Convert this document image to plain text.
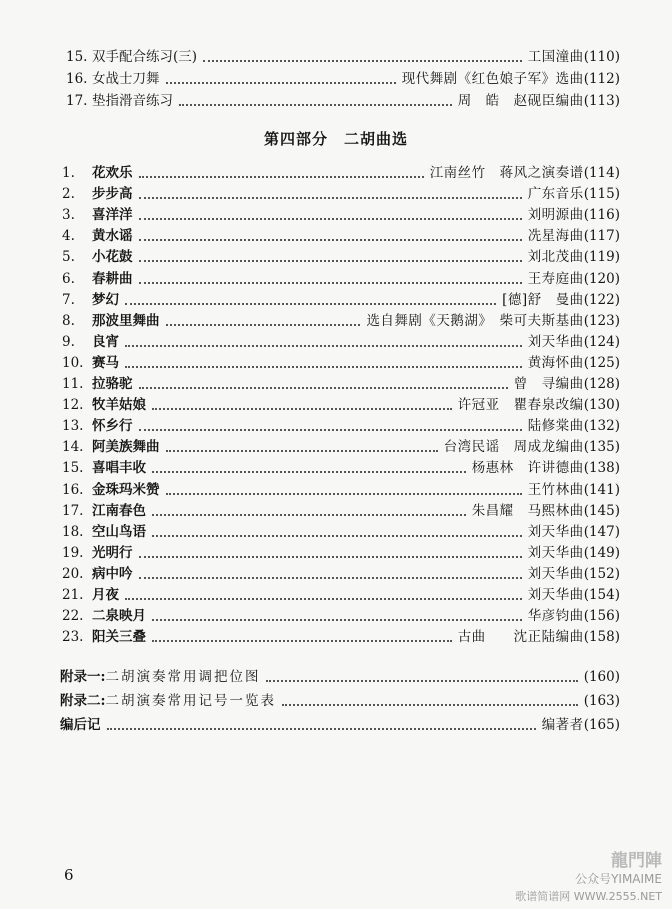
15. 双手配合练习(三)	工国潼曲 (110)
16. 女战士刀舞	现代舞剧《红色娘子军》选曲 (112)
17. 垫指滑音练习	周　皓　赵砚臣编曲 (113)
第四部分　二胡曲选
1.	花欢乐	江南丝竹　蒋风之演奏谱 (114)
2.	步步高	广东音乐 (115)
3.	喜洋洋	刘明源曲 (116)
4.	黄水谣	冼星海曲 (117)
5.	小花鼓	刘北茂曲 (119)
6.	春耕曲	王寿庭曲 (120)
7.	梦幻	[德]舒　曼曲 (122)
8.	那波里舞曲	选自舞剧《天鹅湖》　柴可夫斯基曲 (123)
9.	良宵	刘天华曲 (124)
10. 赛马	黄海怀曲 (125)
11. 拉骆驼	曾　寻编曲 (128)
12. 牧羊姑娘	许冠亚　瞿春泉改编 (130)
13. 怀乡行	陆修棠曲 (132)
14. 阿美族舞曲	台湾民谣　周成龙编曲 (135)
15. 喜唱丰收	杨惠林　许讲德曲 (138)
16. 金珠玛米赞	王竹林曲 (141)
17. 江南春色	朱昌耀　马熙林曲 (145)
18. 空山鸟语	刘天华曲 (147)
19. 光明行	刘天华曲 (149)
20. 病中吟	刘天华曲 (152)
21. 月夜	刘天华曲 (154)
22. 二泉映月	华彦钧曲 (156)
23. 阳关三叠	古曲　　沈正陆编曲 (158)
附录一: 二胡演奏常用调把位图	(160)
附录二: 二胡演奏常用记号一览表	(163)
编后记	编著者 (165)
6
龍門陣
公众号YIMAIME
歌谱简谱网 WWW.2555.NET
